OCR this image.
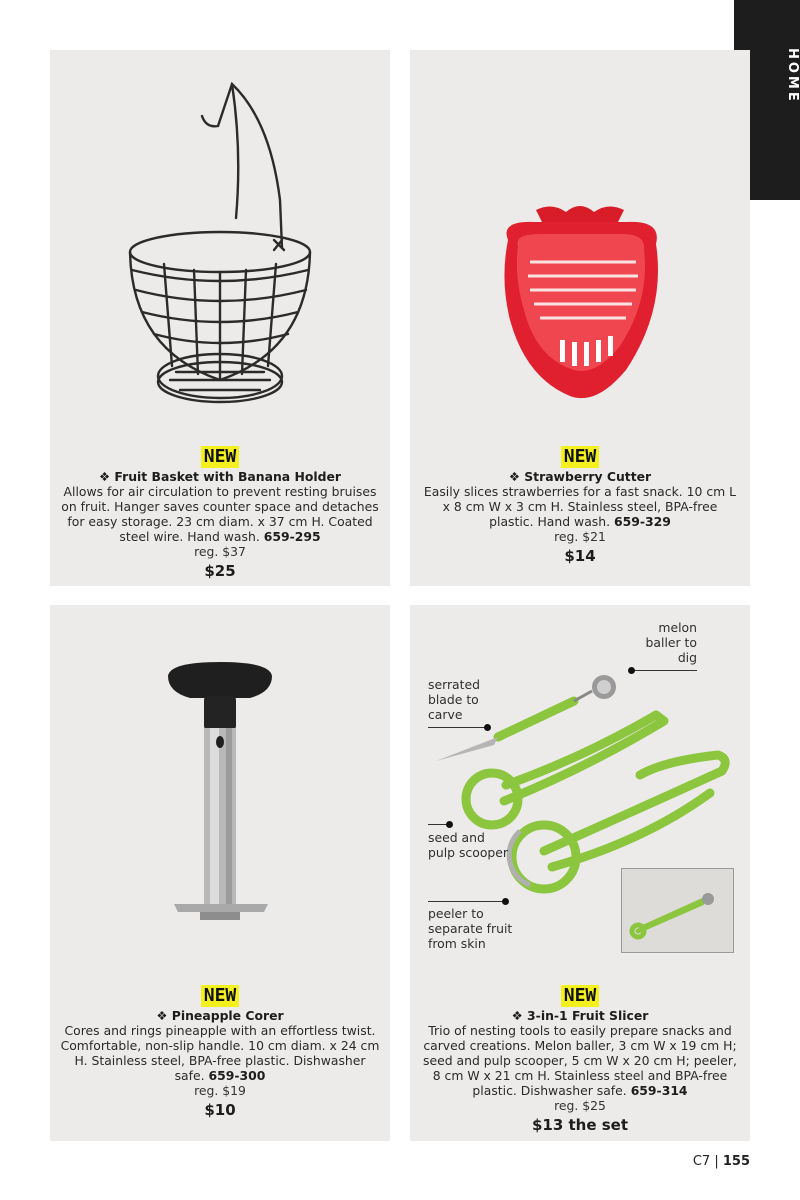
HOME
NEW
❖ Fruit Basket with Banana Holder
Allows for air circulation to prevent resting bruises on fruit. Hanger saves counter space and detaches for easy storage. 23 cm diam. x 37 cm H. Coated steel wire. Hand wash. 659-295
reg. $37
$25
NEW
❖ Strawberry Cutter
Easily slices strawberries for a fast snack. 10 cm L x 8 cm W x 3 cm H. Stainless steel, BPA-free plastic. Hand wash. 659-329
reg. $21
$14
NEW
❖ Pineapple Corer
Cores and rings pineapple with an effortless twist. Comfortable, non-slip handle. 10 cm diam. x 24 cm H. Stainless steel, BPA-free plastic. Dishwasher safe. 659-300
reg. $19
$10
melon baller to dig
serrated blade to carve
seed and pulp scooper
peeler to separate fruit from skin
NEW
❖ 3-in-1 Fruit Slicer
Trio of nesting tools to easily prepare snacks and carved creations. Melon baller, 3 cm W x 19 cm H; seed and pulp scooper, 5 cm W x 20 cm H; peeler, 8 cm W x 21 cm H. Stainless steel and BPA-free plastic. Dishwasher safe. 659-314
reg. $25
$13 the set
C7 | 155
